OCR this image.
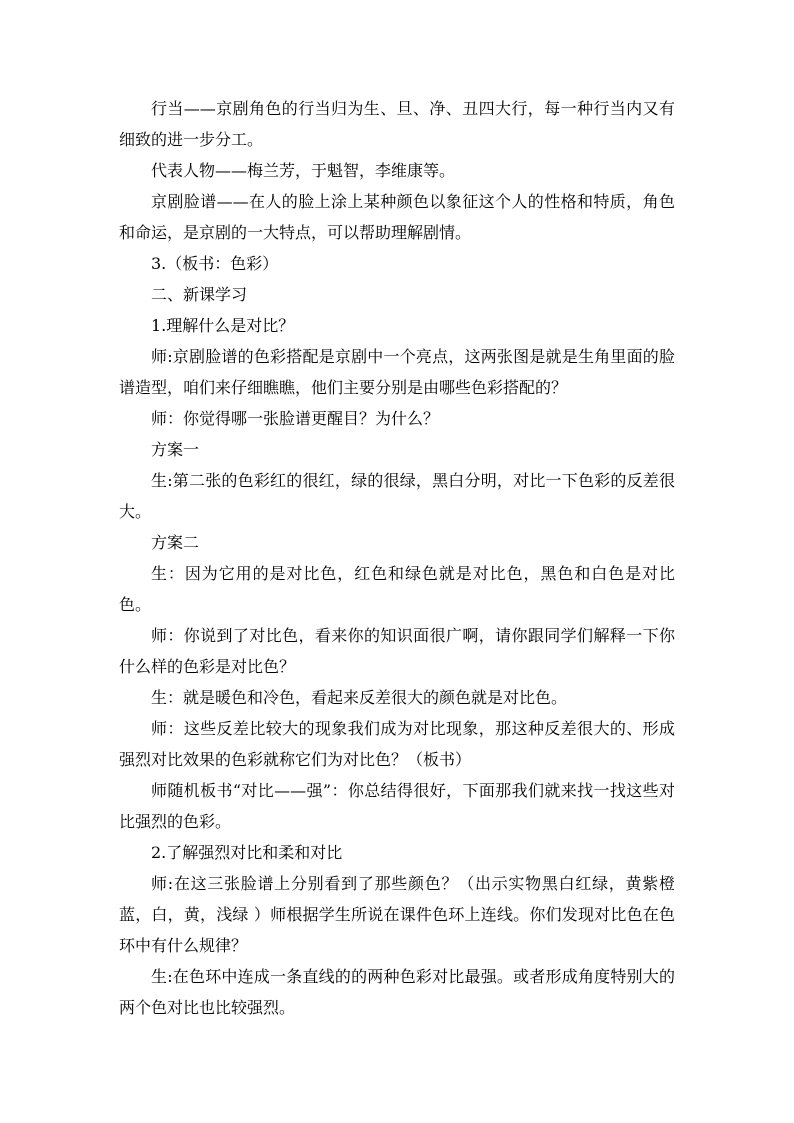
行当——京剧角色的行当归为生、旦、净、丑四大行，每一种行当内又有细致的进一步分工。

代表人物——梅兰芳，于魁智，李维康等。

京剧脸谱——在人的脸上涂上某种颜色以象征这个人的性格和特质，角色和命运，是京剧的一大特点，可以帮助理解剧情。

3.（板书：色彩）

二、新课学习

1.理解什么是对比？

师:京剧脸谱的色彩搭配是京剧中一个亮点，这两张图是就是生角里面的脸谱造型，咱们来仔细瞧瞧，他们主要分别是由哪些色彩搭配的？

师：你觉得哪一张脸谱更醒目？为什么？

方案一

生:第二张的色彩红的很红，绿的很绿，黑白分明，对比一下色彩的反差很大。

方案二

生：因为它用的是对比色，红色和绿色就是对比色，黑色和白色是对比色。

师：你说到了对比色，看来你的知识面很广啊，请你跟同学们解释一下你什么样的色彩是对比色？

生：就是暖色和冷色，看起来反差很大的颜色就是对比色。

师：这些反差比较大的现象我们成为对比现象，那这种反差很大的、形成强烈对比效果的色彩就称它们为对比色？（板书）

师随机板书“对比——强”：你总结得很好，下面那我们就来找一找这些对比强烈的色彩。

2.了解强烈对比和柔和对比

师:在这三张脸谱上分别看到了那些颜色？（出示实物黑白红绿，黄紫橙蓝，白，黄，浅绿 ）师根据学生所说在课件色环上连线。你们发现对比色在色环中有什么规律？

生:在色环中连成一条直线的的两种色彩对比最强。或者形成角度特别大的两个色对比也比较强烈。
